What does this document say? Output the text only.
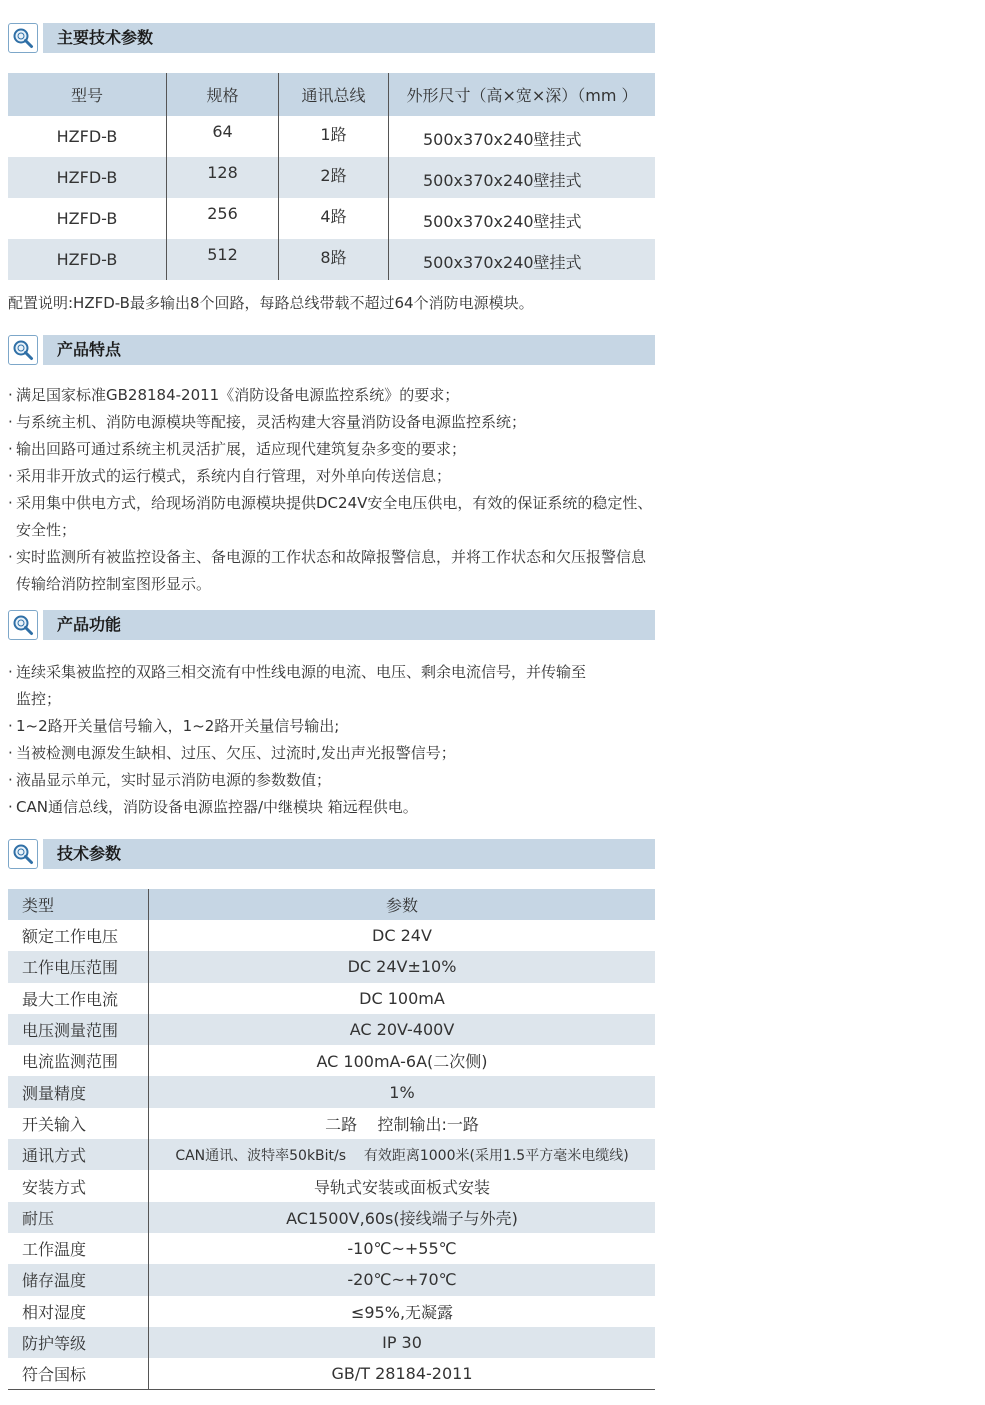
主要技术参数
型号	规格	通讯总线	外形尺寸（高×宽×深）（mm ）
HZFD-B	64	1路	500x370x240壁挂式
HZFD-B	128	2路	500x370x240壁挂式
HZFD-B	256	4路	500x370x240壁挂式
HZFD-B	512	8路	500x370x240壁挂式
配置说明:HZFD-B最多输出8个回路，每路总线带载不超过64个消防电源模块。
产品特点
· 满足国家标准GB28184-2011《消防设备电源监控系统》的要求；
· 与系统主机、消防电源模块等配接，灵活构建大容量消防设备电源监控系统；
· 输出回路可通过系统主机灵活扩展，适应现代建筑复杂多变的要求；
· 采用非开放式的运行模式，系统内自行管理，对外单向传送信息；
· 采用集中供电方式，给现场消防电源模块提供DC24V安全电压供电，有效的保证系统的稳定性、安全性；
· 实时监测所有被监控设备主、备电源的工作状态和故障报警信息，并将工作状态和欠压报警信息传输给消防控制室图形显示。
产品功能
· 连续采集被监控的双路三相交流有中性线电源的电流、电压、剩余电流信号，并传输至监控；
· 1~2路开关量信号输入，1~2路开关量信号输出;
· 当被检测电源发生缺相、过压、欠压、过流时,发出声光报警信号；
· 液晶显示单元，实时显示消防电源的参数数值；
· CAN通信总线，消防设备电源监控器/中继模块 箱远程供电。
技术参数
类型	参数
额定工作电压	DC 24V
工作电压范围	DC 24V±10%
最大工作电流	DC 100mA
电压测量范围	AC 20V-400V
电流监测范围	AC 100mA-6A(二次侧)
测量精度	1%
开关输入	二路    控制输出:一路
通讯方式	CAN通讯、波特率50kBit/s    有效距离1000米(采用1.5平方毫米电缆线)
安装方式	导轨式安装或面板式安装
耐压	AC1500V,60s(接线端子与外壳)
工作温度	-10℃~+55℃
储存温度	-20℃~+70℃
相对湿度	≤95%,无凝露
防护等级	IP 30
符合国标	GB/T 28184-2011
